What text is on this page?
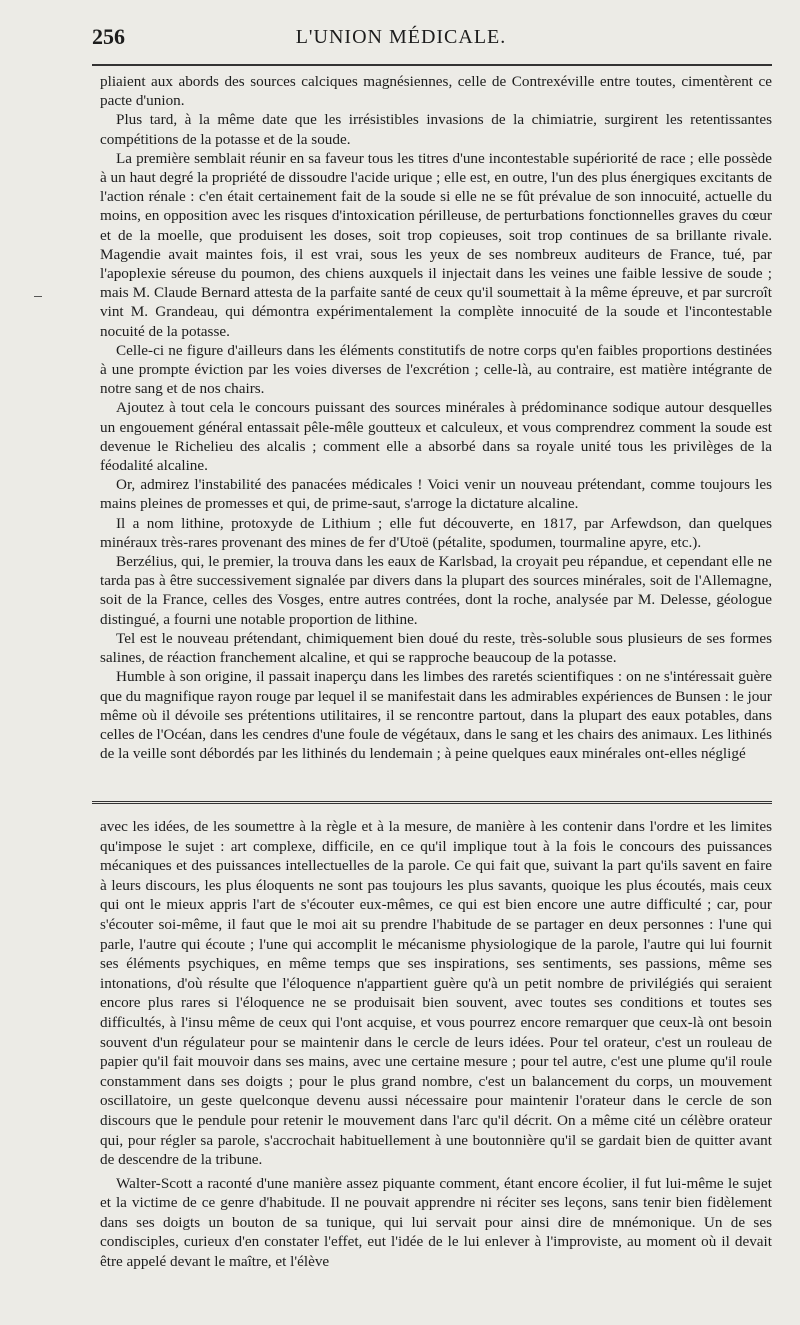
256	L'UNION MÉDICALE.

pliaient aux abords des sources calciques magnésiennes, celle de Contrexéville entre toutes, cimentèrent ce pacte d'union.

Plus tard, à la même date que les irrésistibles invasions de la chimiatrie, surgirent les retentissantes compétitions de la potasse et de la soude.

La première semblait réunir en sa faveur tous les titres d'une incontestable supériorité de race ; elle possède à un haut degré la propriété de dissoudre l'acide urique ; elle est, en outre, l'un des plus énergiques excitants de l'action rénale : c'en était certainement fait de la soude si elle ne se fût prévalue de son innocuité, actuelle du moins, en opposition avec les risques d'intoxication périlleuse, de perturbations fonctionnelles graves du cœur et de la moelle, que produisent les doses, soit trop copieuses, soit trop continues de sa brillante rivale. Magendie avait maintes fois, il est vrai, sous les yeux de ses nombreux auditeurs de France, tué, par l'apoplexie séreuse du poumon, des chiens auxquels il injectait dans les veines une faible lessive de soude ; mais M. Claude Bernard attesta de la parfaite santé de ceux qu'il soumettait à la même épreuve, et par surcroît vint M. Grandeau, qui démontra expérimentalement la complète innocuité de la soude et l'incontestable nocuité de la potasse.

Celle-ci ne figure d'ailleurs dans les éléments constitutifs de notre corps qu'en faibles proportions destinées à une prompte éviction par les voies diverses de l'excrétion ; celle-là, au contraire, est matière intégrante de notre sang et de nos chairs.

Ajoutez à tout cela le concours puissant des sources minérales à prédominance sodique autour desquelles un engouement général entassait pêle-mêle goutteux et calculeux, et vous comprendrez comment la soude est devenue le Richelieu des alcalis ; comment elle a absorbé dans sa royale unité tous les privilèges de la féodalité alcaline.

Or, admirez l'instabilité des panacées médicales ! Voici venir un nouveau prétendant, comme toujours les mains pleines de promesses et qui, de prime-saut, s'arroge la dictature alcaline.

Il a nom lithine, protoxyde de Lithium ; elle fut découverte, en 1817, par Arfewdson, dan quelques minéraux très-rares provenant des mines de fer d'Utoë (pétalite, spodumen, tourmaline apyre, etc.).

Berzélius, qui, le premier, la trouva dans les eaux de Karlsbad, la croyait peu répandue, et cependant elle ne tarda pas à être successivement signalée par divers dans la plupart des sources minérales, soit de l'Allemagne, soit de la France, celles des Vosges, entre autres contrées, dont la roche, analysée par M. Delesse, géologue distingué, a fourni une notable proportion de lithine.

Tel est le nouveau prétendant, chimiquement bien doué du reste, très-soluble sous plusieurs de ses formes salines, de réaction franchement alcaline, et qui se rapproche beaucoup de la potasse.

Humble à son origine, il passait inaperçu dans les limbes des raretés scientifiques : on ne s'intéressait guère que du magnifique rayon rouge par lequel il se manifestait dans les admirables expériences de Bunsen : le jour même où il dévoile ses prétentions utilitaires, il se rencontre partout, dans la plupart des eaux potables, dans celles de l'Océan, dans les cendres d'une foule de végétaux, dans le sang et les chairs des animaux. Les lithinés de la veille sont débordés par les lithinés du lendemain ; à peine quelques eaux minérales ont-elles négligé

avec les idées, de les soumettre à la règle et à la mesure, de manière à les contenir dans l'ordre et les limites qu'impose le sujet : art complexe, difficile, en ce qu'il implique tout à la fois le concours des puissances mécaniques et des puissances intellectuelles de la parole. Ce qui fait que, suivant la part qu'ils savent en faire à leurs discours, les plus éloquents ne sont pas toujours les plus savants, quoique les plus écoutés, mais ceux qui ont le mieux appris l'art de s'écouter eux-mêmes, ce qui est bien encore une autre difficulté ; car, pour s'écouter soi-même, il faut que le moi ait su prendre l'habitude de se partager en deux personnes : l'une qui parle, l'autre qui écoute ; l'une qui accomplit le mécanisme physiologique de la parole, l'autre qui lui fournit ses éléments psychiques, en même temps que ses inspirations, ses sentiments, ses passions, même ses intonations, d'où résulte que l'éloquence n'appartient guère qu'à un petit nombre de privilégiés qui seraient encore plus rares si l'éloquence ne se produisait bien souvent, avec toutes ses conditions et toutes ses difficultés, à l'insu même de ceux qui l'ont acquise, et vous pourrez encore remarquer que ceux-là ont besoin souvent d'un régulateur pour se maintenir dans le cercle de leurs idées. Pour tel orateur, c'est un rouleau de papier qu'il fait mouvoir dans ses mains, avec une certaine mesure ; pour tel autre, c'est une plume qu'il roule constamment dans ses doigts ; pour le plus grand nombre, c'est un balancement du corps, un mouvement oscillatoire, un geste quelconque devenu aussi nécessaire pour maintenir l'orateur dans le cercle de son discours que le pendule pour retenir le mouvement dans l'arc qu'il décrit. On a même cité un célèbre orateur qui, pour régler sa parole, s'accrochait habituellement à une boutonnière qu'il se gardait bien de quitter avant de descendre de la tribune.

Walter-Scott a raconté d'une manière assez piquante comment, étant encore écolier, il fut lui-même le sujet et la victime de ce genre d'habitude. Il ne pouvait apprendre ni réciter ses leçons, sans tenir bien fidèlement dans ses doigts un bouton de sa tunique, qui lui servait pour ainsi dire de mnémonique. Un de ses condisciples, curieux d'en constater l'effet, eut l'idée de le lui enlever à l'improviste, au moment où il devait être appelé devant le maître, et l'élève
